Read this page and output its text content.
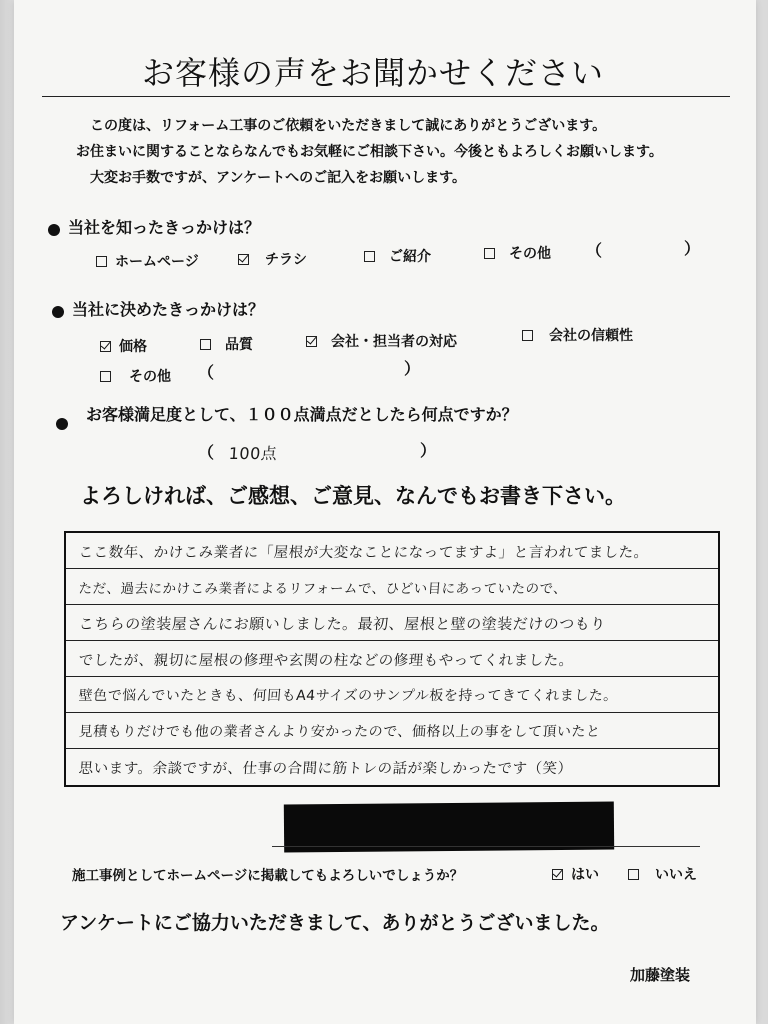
お客様の声をお聞かせください
この度は、リフォーム工事のご依頼をいただきまして誠にありがとうございます。
お住まいに関することならなんでもお気軽にご相談下さい。今後ともよろしくお願いします。
大変お手数ですが、アンケートへのご記入をお願いします。
当社を知ったきっかけは？
ホームページ	チラシ	ご紹介	その他 （	）
当社に決めたきっかけは？
価格	品質	会社・担当者の対応	会社の信頼性
その他 （	）
お客様満足度として、１００点満点だとしたら何点ですか？
（ 100点	）
よろしければ、ご感想、ご意見、なんでもお書き下さい。
ここ数年、かけこみ業者に「屋根が大変なことになってますよ」と言われてました。
ただ、過去にかけこみ業者によるリフォームで、ひどい目にあっていたので、
こちらの塗装屋さんにお願いしました。最初、屋根と壁の塗装だけのつもり
でしたが、親切に屋根の修理や玄関の柱などの修理もやってくれました。
壁色で悩んでいたときも、何回もA4サイズのサンプル板を持ってきてくれました。
見積もりだけでも他の業者さんより安かったので、価格以上の事をして頂いたと
思います。余談ですが、仕事の合間に筋トレの話が楽しかったです（笑）
施工事例としてホームページに掲載してもよろしいでしょうか？	はい	いいえ
アンケートにご協力いただきまして、ありがとうございました。
加藤塗装
